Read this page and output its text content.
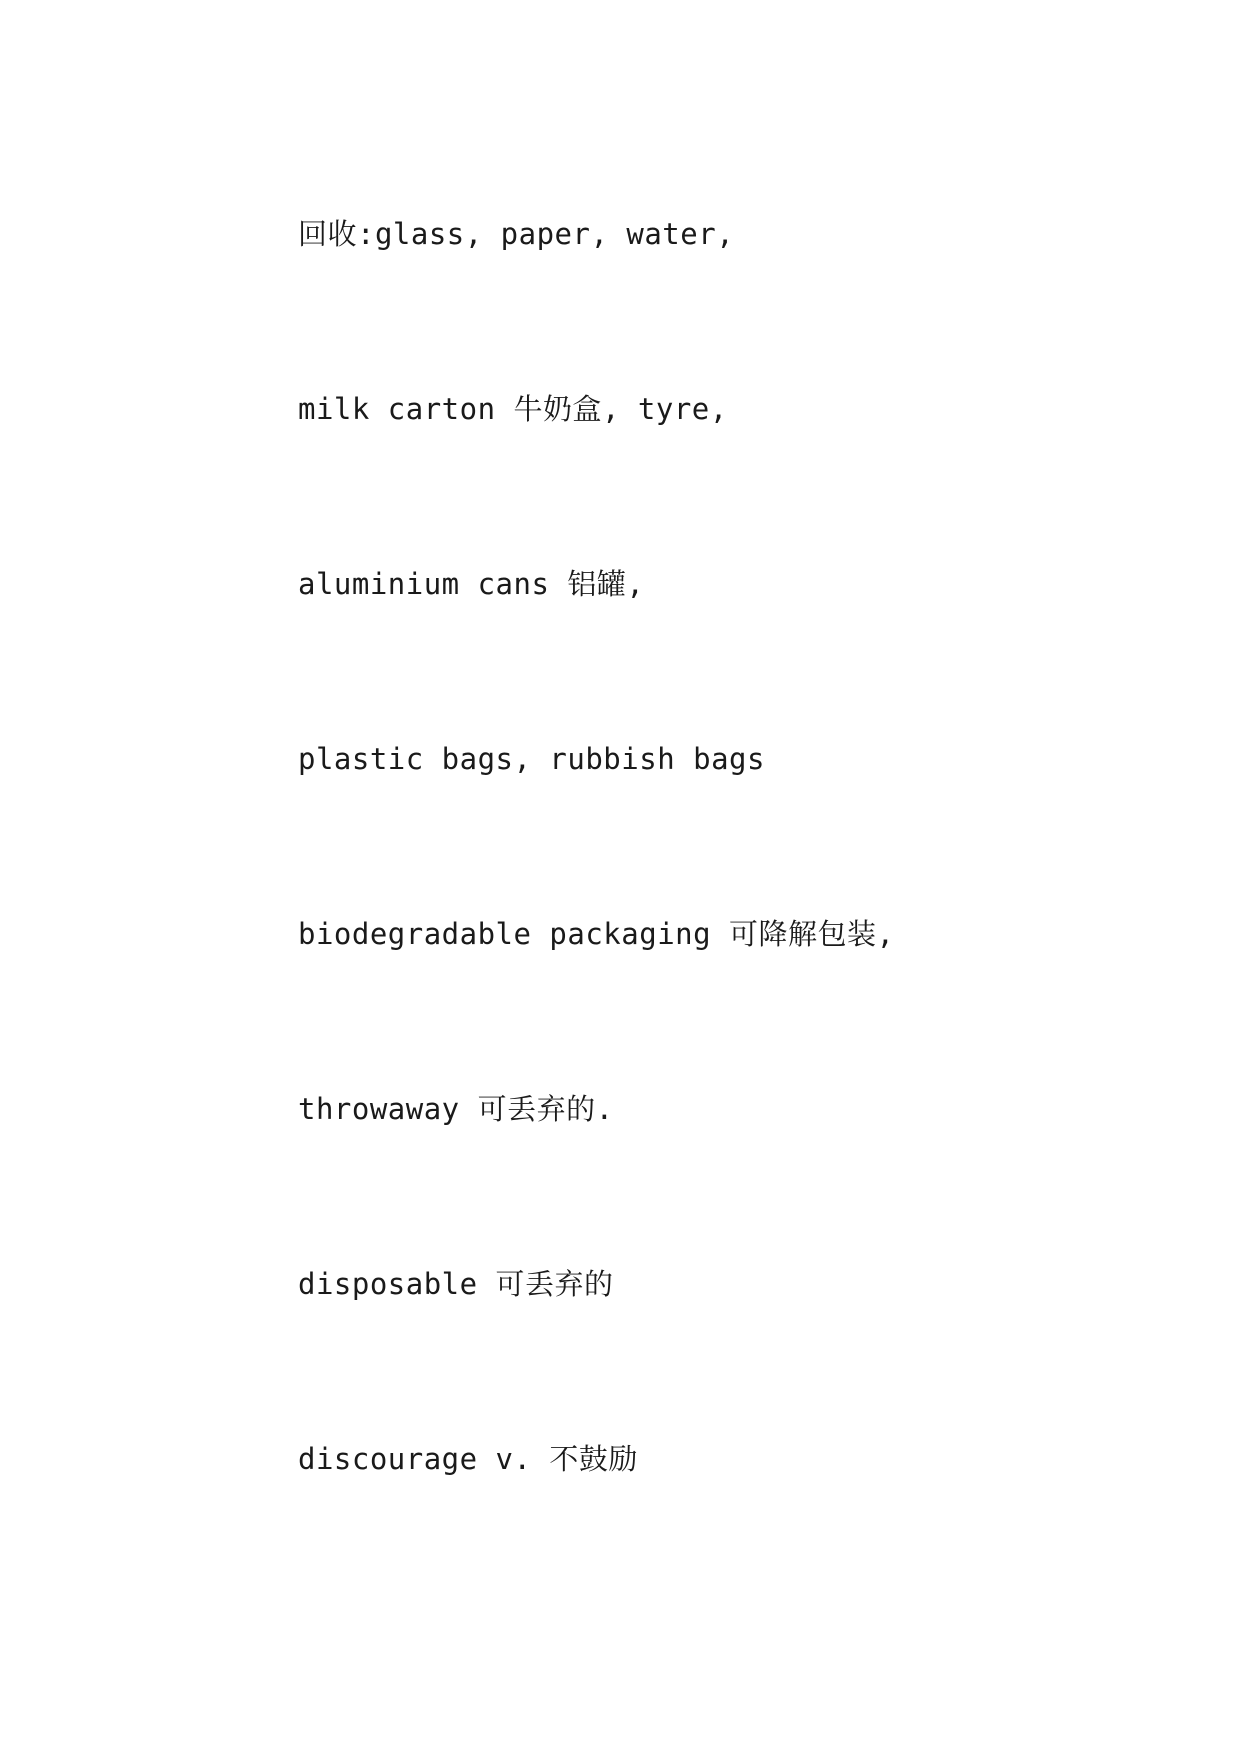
回收:glass, paper, water,
milk carton 牛奶盒, tyre,
aluminium cans 铝罐,
plastic bags, rubbish bags
biodegradable packaging 可降解包装,
throwaway 可丢弃的.
disposable 可丢弃的
discourage v. 不鼓励
